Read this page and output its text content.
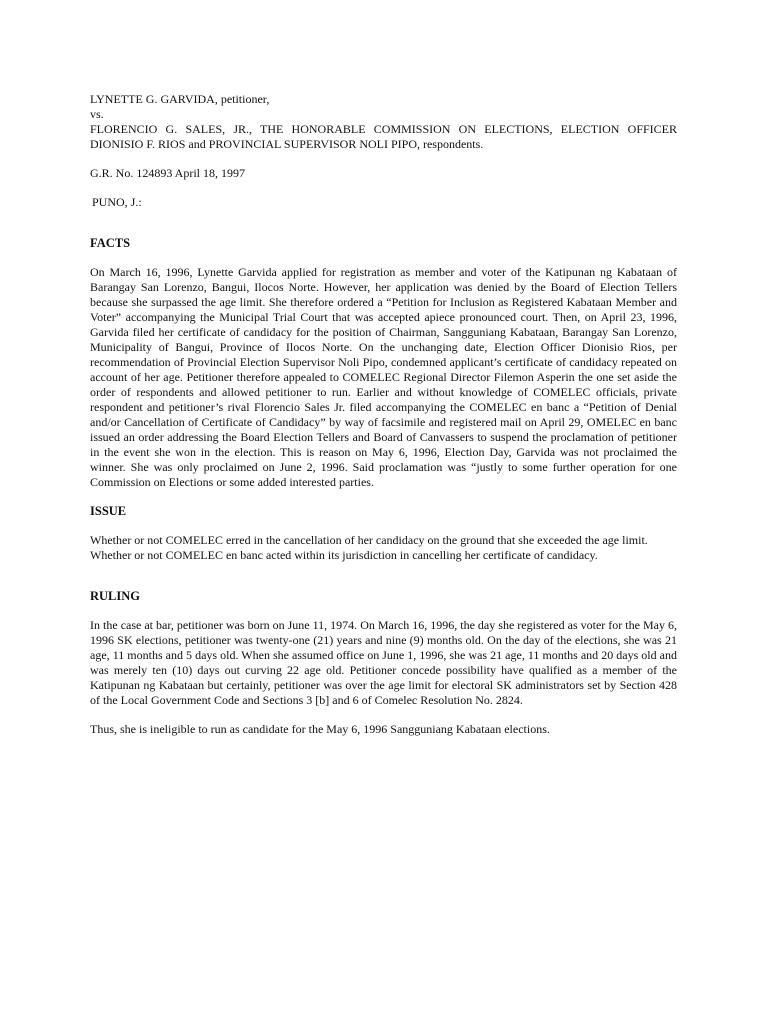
LYNETTE G. GARVIDA, petitioner,
vs.

FLORENCIO G. SALES, JR., THE HONORABLE COMMISSION ON ELECTIONS, ELECTION OFFICER DIONISIO F. RIOS and PROVINCIAL SUPERVISOR NOLI PIPO, respondents.

G.R. No. 124893 April 18, 1997
PUNO, J.:
FACTS

On March 16, 1996, Lynette Garvida applied for registration as member and voter of the Katipunan ng Kabataan of Barangay San Lorenzo, Bangui, Ilocos Norte. However, her application was denied by the Board of Election Tellers because she surpassed the age limit. She therefore ordered a “Petition for Inclusion as Registered Kabataan Member and Voter” accompanying the Municipal Trial Court that was accepted apiece pronounced court. Then, on April 23, 1996, Garvida filed her certificate of candidacy for the position of Chairman, Sangguniang Kabataan, Barangay San Lorenzo, Municipality of Bangui, Province of Ilocos Norte. On the unchanging date, Election Officer Dionisio Rios, per recommendation of Provincial Election Supervisor Noli Pipo, condemned applicant’s certificate of candidacy repeated on account of her age. Petitioner therefore appealed to COMELEC Regional Director Filemon Asperin the one set aside the order of respondents and allowed petitioner to run. Earlier and without knowledge of COMELEC officials, private respondent and petitioner’s rival Florencio Sales Jr. filed accompanying the COMELEC en banc a “Petition of Denial and/or Cancellation of Certificate of Candidacy” by way of facsimile and registered mail on April 29, OMELEC en banc issued an order addressing the Board Election Tellers and Board of Canvassers to suspend the proclamation of petitioner in the event she won in the election. This is reason on May 6, 1996, Election Day, Garvida was not proclaimed the winner. She was only proclaimed on June 2, 1996. Said proclamation was “justly to some further operation for one Commission on Elections or some added interested parties.

ISSUE
Whether or not COMELEC erred in the cancellation of her candidacy on the ground that she exceeded the age limit.
Whether or not COMELEC en banc acted within its jurisdiction in cancelling her certificate of candidacy.
RULING

In the case at bar, petitioner was born on June 11, 1974. On March 16, 1996, the day she registered as voter for the May 6, 1996 SK elections, petitioner was twenty-one (21) years and nine (9) months old. On the day of the elections, she was 21 age, 11 months and 5 days old. When she assumed office on June 1, 1996, she was 21 age, 11 months and 20 days old and was merely ten (10) days out curving 22 age old. Petitioner concede possibility have qualified as a member of the Katipunan ng Kabataan but certainly, petitioner was over the age limit for electoral SK administrators set by Section 428 of the Local Government Code and Sections 3 [b] and 6 of Comelec Resolution No. 2824.

Thus, she is ineligible to run as candidate for the May 6, 1996 Sangguniang Kabataan elections.
